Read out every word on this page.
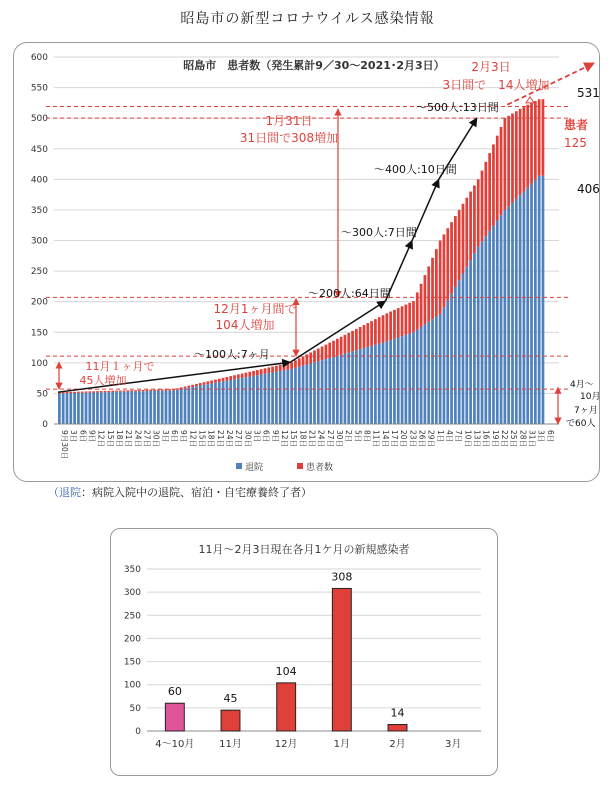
昭島市の新型コロナウイルス感染情報
0
50
100
150
200
250
300
350
400
450
500
550
600
9月30日 3日 6日 9日 12日 15日 18日 21日 24日 27日 30日 3日 6日 9日 12日 15日 18日 21日 24日 27日 30日 3日 6日 9日 12日 15日 18日 21日 24日 27日 30日 2日 5日 8日 11日 14日 17日 20日 23日 26日 29日 1日 4日 7日 10日 13日 16日 19日 22日 25日 28日 31日 3日 6日
昭島市　患者数（発生累計9／30～2021･2月3日）
退院	患者数
531
406
患者
125
1月31日
31日間で308増加
2月3日
3日間で　14人増加
12月1ヶ月間で
104人増加
11月１ヶ月で
45人増加
～100人:7ヶ月
～200人:64日間
～300人:7日間
～400人:10日間
～500人:13日間
4月～
10月
7ヶ月
で60人
（退院：病院入院中の退院、宿泊・自宅療養終了者）
11月～2月3日現在各月1ケ月の新規感染者
0
50
100
150
200
250
300
350
60
4～10月
45
11月
104
12月
308
1月
14
2月	3月
